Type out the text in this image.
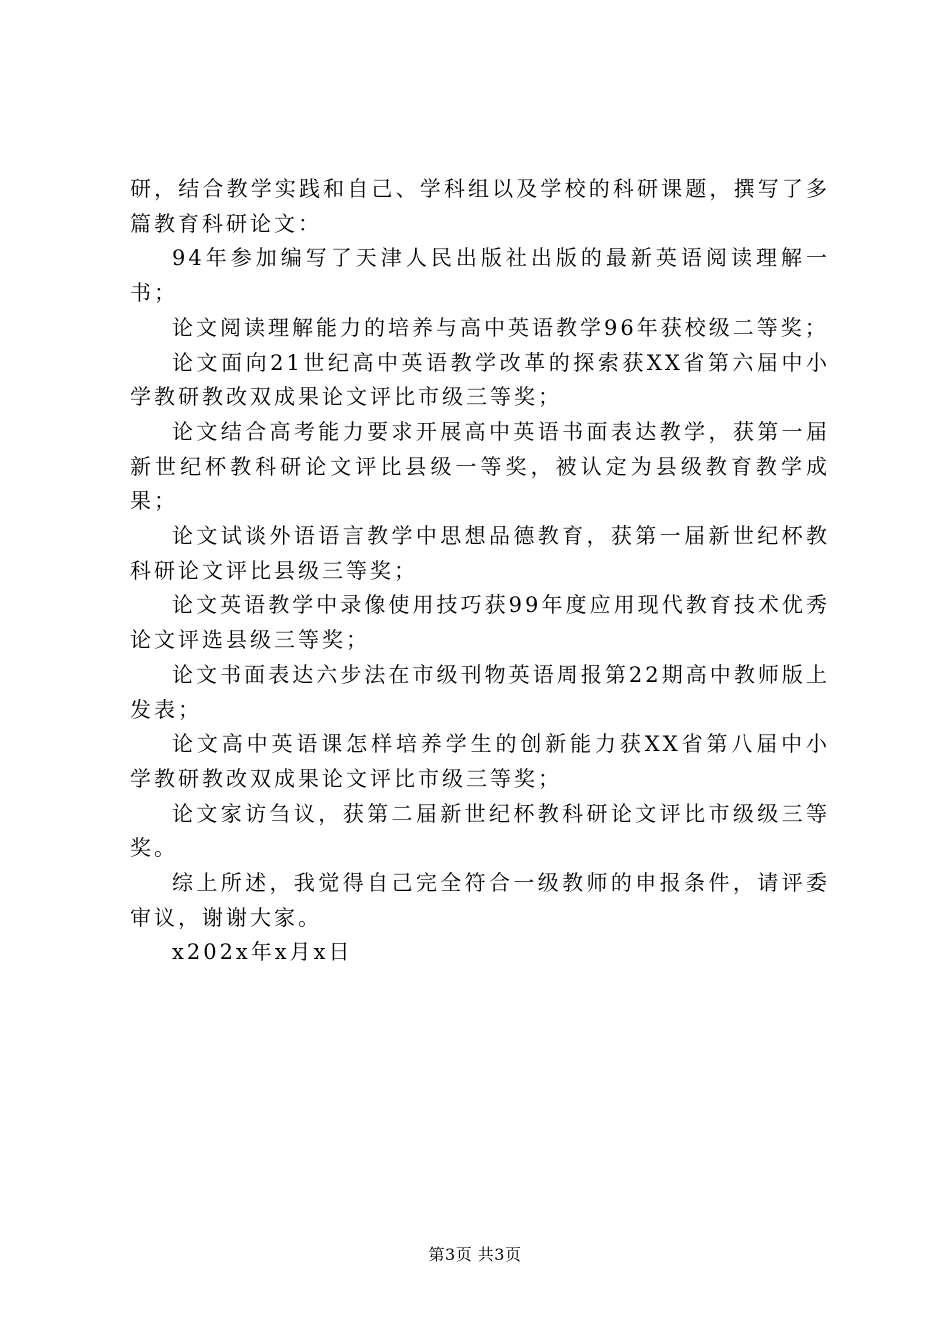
研，结合教学实践和自己、学科组以及学校的科研课题，撰写了多篇教育科研论文：

94年参加编写了天津人民出版社出版的最新英语阅读理解一书；

论文阅读理解能力的培养与高中英语教学96年获校级二等奖；

论文面向21世纪高中英语教学改革的探索获XX省第六届中小学教研教改双成果论文评比市级三等奖；

论文结合高考能力要求开展高中英语书面表达教学，获第一届新世纪杯教科研论文评比县级一等奖，被认定为县级教育教学成果；

论文试谈外语语言教学中思想品德教育，获第一届新世纪杯教科研论文评比县级三等奖；

论文英语教学中录像使用技巧获99年度应用现代教育技术优秀论文评选县级三等奖；

论文书面表达六步法在市级刊物英语周报第22期高中教师版上发表；

论文高中英语课怎样培养学生的创新能力获XX省第八届中小学教研教改双成果论文评比市级三等奖；

论文家访刍议，获第二届新世纪杯教科研论文评比市级级三等奖。

综上所述，我觉得自己完全符合一级教师的申报条件，请评委审议，谢谢大家。

x202x年x月x日

第3页 共3页
